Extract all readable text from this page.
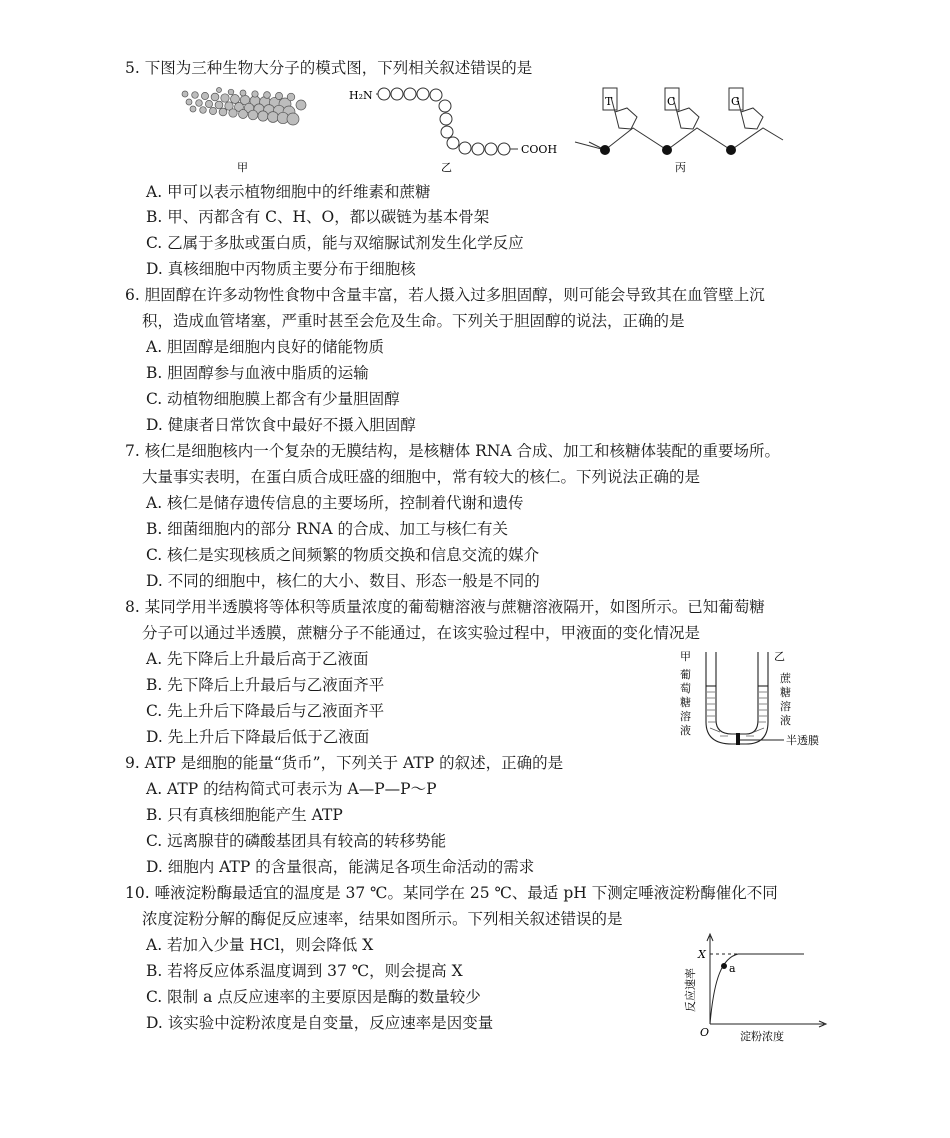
5. 下图为三种生物大分子的模式图，下列相关叙述错误的是
甲
H₂N
COOH
乙
T	C	G
丙
A. 甲可以表示植物细胞中的纤维素和蔗糖
B. 甲、丙都含有 C、H、O，都以碳链为基本骨架
C. 乙属于多肽或蛋白质，能与双缩脲试剂发生化学反应
D. 真核细胞中丙物质主要分布于细胞核
6. 胆固醇在许多动物性食物中含量丰富，若人摄入过多胆固醇，则可能会导致其在血管壁上沉
积，造成血管堵塞，严重时甚至会危及生命。下列关于胆固醇的说法，正确的是
A. 胆固醇是细胞内良好的储能物质
B. 胆固醇参与血液中脂质的运输
C. 动植物细胞膜上都含有少量胆固醇
D. 健康者日常饮食中最好不摄入胆固醇
7. 核仁是细胞核内一个复杂的无膜结构，是核糖体 RNA 合成、加工和核糖体装配的重要场所。
大量事实表明，在蛋白质合成旺盛的细胞中，常有较大的核仁。下列说法正确的是
A. 核仁是储存遗传信息的主要场所，控制着代谢和遗传
B. 细菌细胞内的部分 RNA 的合成、加工与核仁有关
C. 核仁是实现核质之间频繁的物质交换和信息交流的媒介
D. 不同的细胞中，核仁的大小、数目、形态一般是不同的
8. 某同学用半透膜将等体积等质量浓度的葡萄糖溶液与蔗糖溶液隔开，如图所示。已知葡萄糖
分子可以通过半透膜，蔗糖分子不能通过，在该实验过程中，甲液面的变化情况是
A. 先下降后上升最后高于乙液面
B. 先下降后上升最后与乙液面齐平
C. 先上升后下降最后与乙液面齐平
D. 先上升后下降最后低于乙液面	半透膜
甲	乙
葡
萄
糖
溶
液
蔗
糖
溶
液
9. ATP 是细胞的能量“货币”，下列关于 ATP 的叙述，正确的是
A. ATP 的结构简式可表示为 A—P—P～P
B. 只有真核细胞能产生 ATP
C. 远离腺苷的磷酸基团具有较高的转移势能
D. 细胞内 ATP 的含量很高，能满足各项生命活动的需求
10. 唾液淀粉酶最适宜的温度是 37 ℃。某同学在 25 ℃、最适 pH 下测定唾液淀粉酶催化不同
浓度淀粉分解的酶促反应速率，结果如图所示。下列相关叙述错误的是
A. 若加入少量 HCl，则会降低 X
B. 若将反应体系温度调到 37 ℃，则会提高 X
C. 限制 a 点反应速率的主要原因是酶的数量较少
D. 该实验中淀粉浓度是自变量，反应速率是因变量
a
X
O	淀粉浓度
反应速率
